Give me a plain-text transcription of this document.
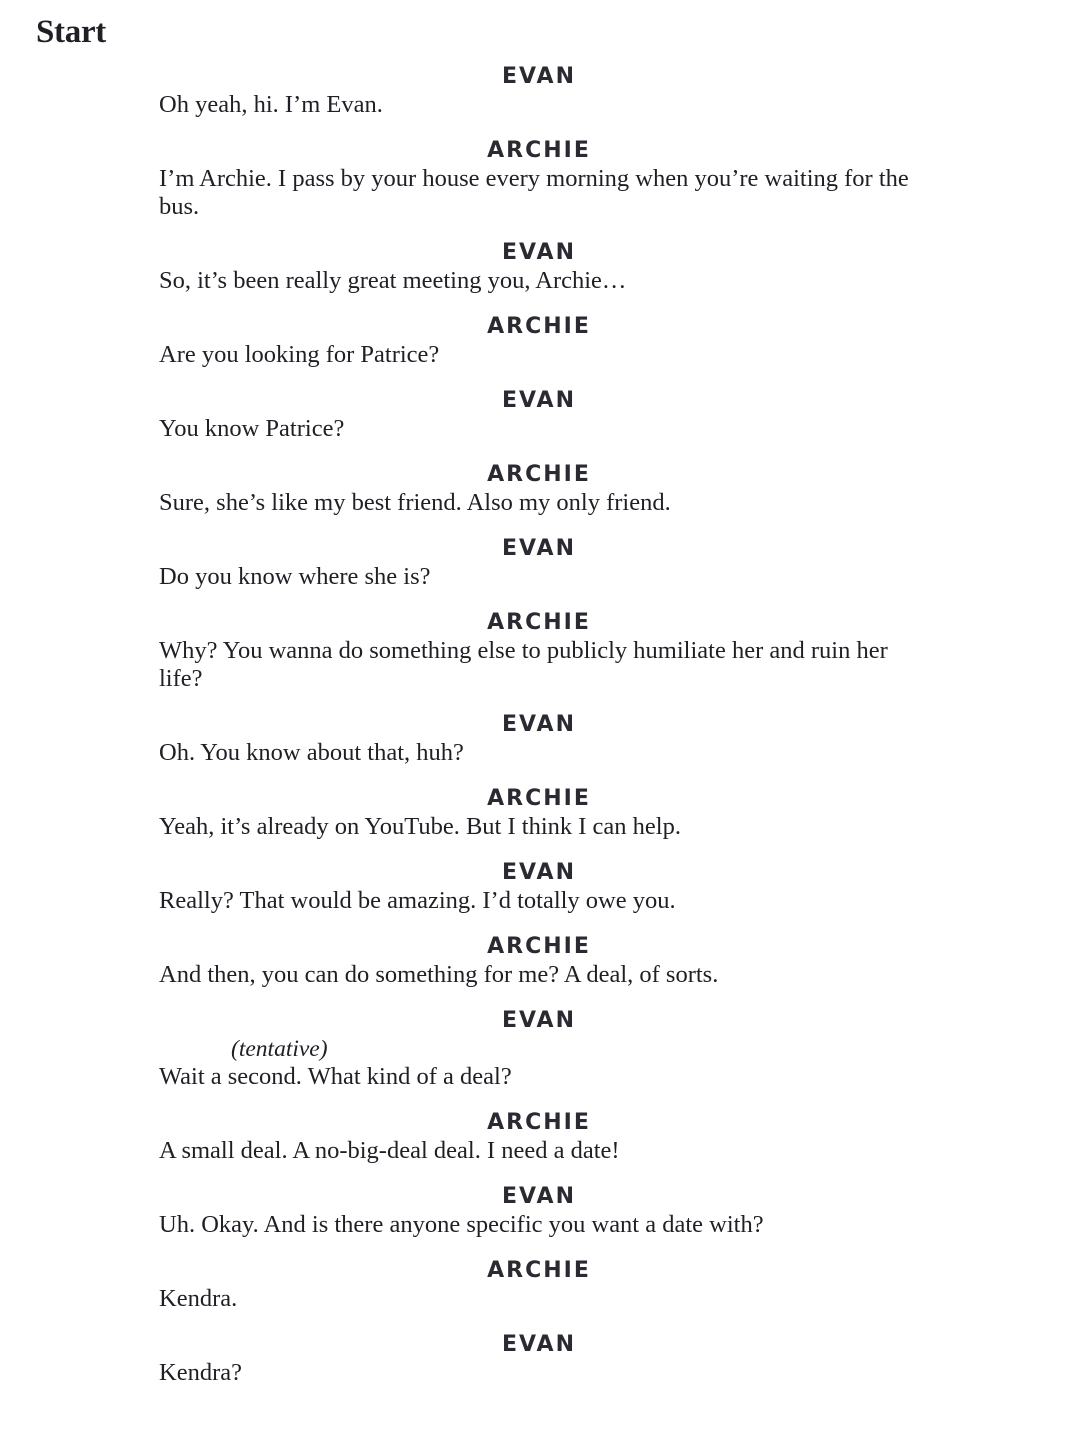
Start
EVAN
Oh yeah, hi. I’m Evan.
ARCHIE
I’m Archie. I pass by your house every morning when you’re waiting for the bus.
EVAN
So, it’s been really great meeting you, Archie…
ARCHIE
Are you looking for Patrice?
EVAN
You know Patrice?
ARCHIE
Sure, she’s like my best friend. Also my only friend.
EVAN
Do you know where she is?
ARCHIE
Why? You wanna do something else to publicly humiliate her and ruin her life?
EVAN
Oh. You know about that, huh?
ARCHIE
Yeah, it’s already on YouTube. But I think I can help.
EVAN
Really? That would be amazing. I’d totally owe you.
ARCHIE
And then, you can do something for me? A deal, of sorts.
EVAN
(tentative)
Wait a second. What kind of a deal?
ARCHIE
A small deal. A no-big-deal deal. I need a date!
EVAN
Uh. Okay. And is there anyone specific you want a date with?
ARCHIE
Kendra.
EVAN
Kendra?
